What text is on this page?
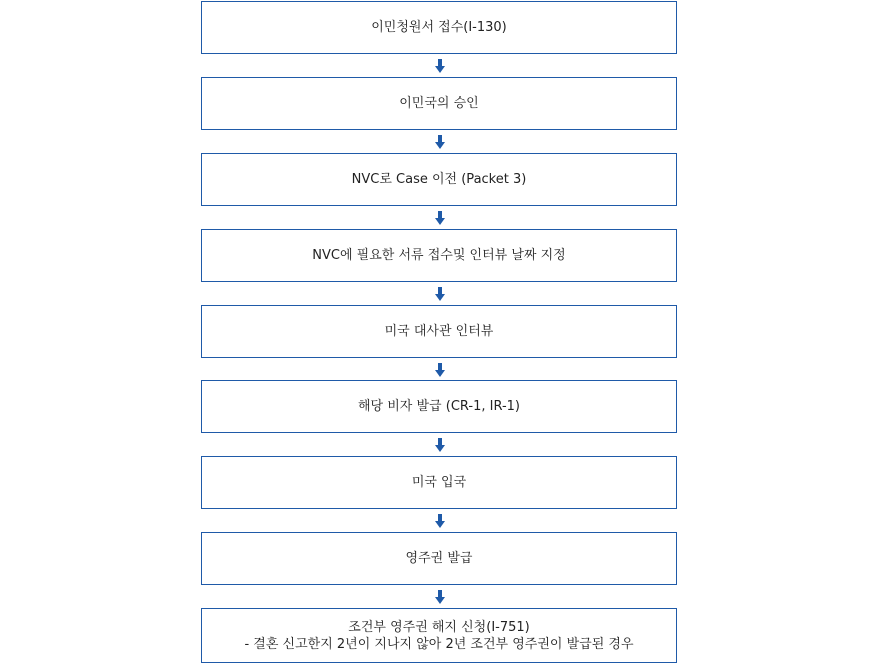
이민청원서 접수(I-130)
이민국의 승인
NVC로 Case 이전 (Packet 3)
NVC에 필요한 서류 접수및 인터뷰 날짜 지정
미국 대사관 인터뷰
해당 비자 발급 (CR-1, IR-1)
미국 입국
영주권 발급
조건부 영주권 해지 신청(I-751)
- 결혼 신고한지 2년이 지나지 않아 2년 조건부 영주권이 발급된 경우
